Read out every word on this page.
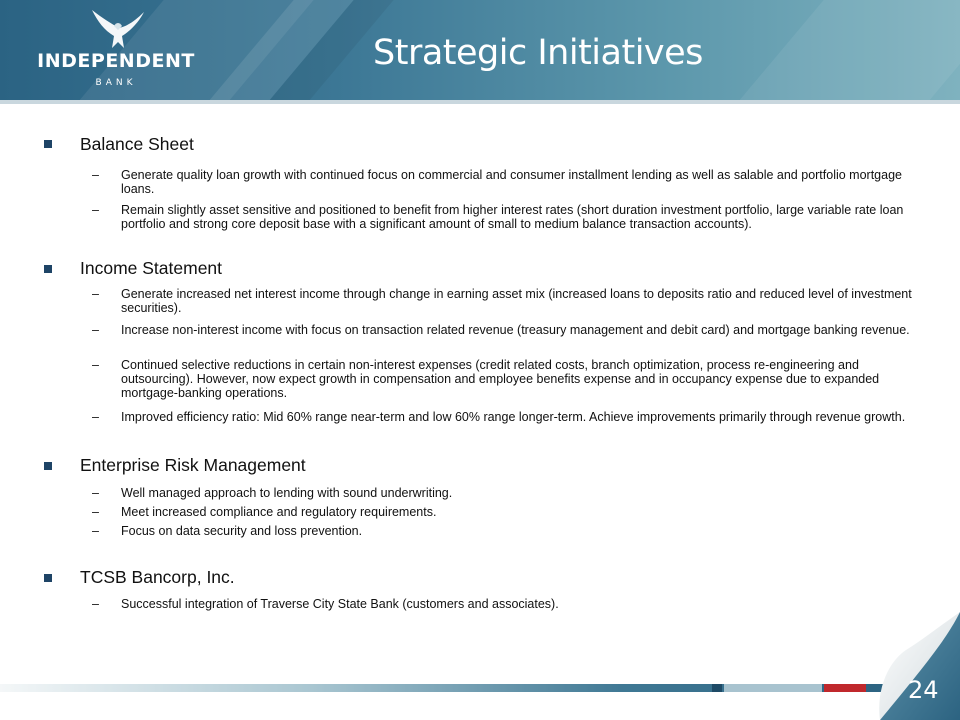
INDEPENDENT
BANK
Strategic Initiatives
Balance Sheet
– Generate quality loan growth with continued focus on commercial and consumer installment lending as well as salable and portfolio mortgage loans.
– Remain slightly asset sensitive and positioned to benefit from higher interest rates (short duration investment portfolio, large variable rate loan portfolio and strong core deposit base with a significant amount of small to medium balance transaction accounts).
Income Statement
– Generate increased net interest income through change in earning asset mix (increased loans to deposits ratio and reduced level of investment securities).
– Increase non-interest income with focus on transaction related revenue (treasury management and debit card) and mortgage banking revenue.
– Continued selective reductions in certain non-interest expenses (credit related costs, branch optimization, process re-engineering and outsourcing). However, now expect growth in compensation and employee benefits expense and in occupancy expense due to expanded mortgage-banking operations.
– Improved efficiency ratio: Mid 60% range near-term and low 60% range longer-term. Achieve improvements primarily through revenue growth.
Enterprise Risk Management
– Well managed approach to lending with sound underwriting.
– Meet increased compliance and regulatory requirements.
– Focus on data security and loss prevention.
TCSB Bancorp, Inc.
– Successful integration of Traverse City State Bank (customers and associates).
24
